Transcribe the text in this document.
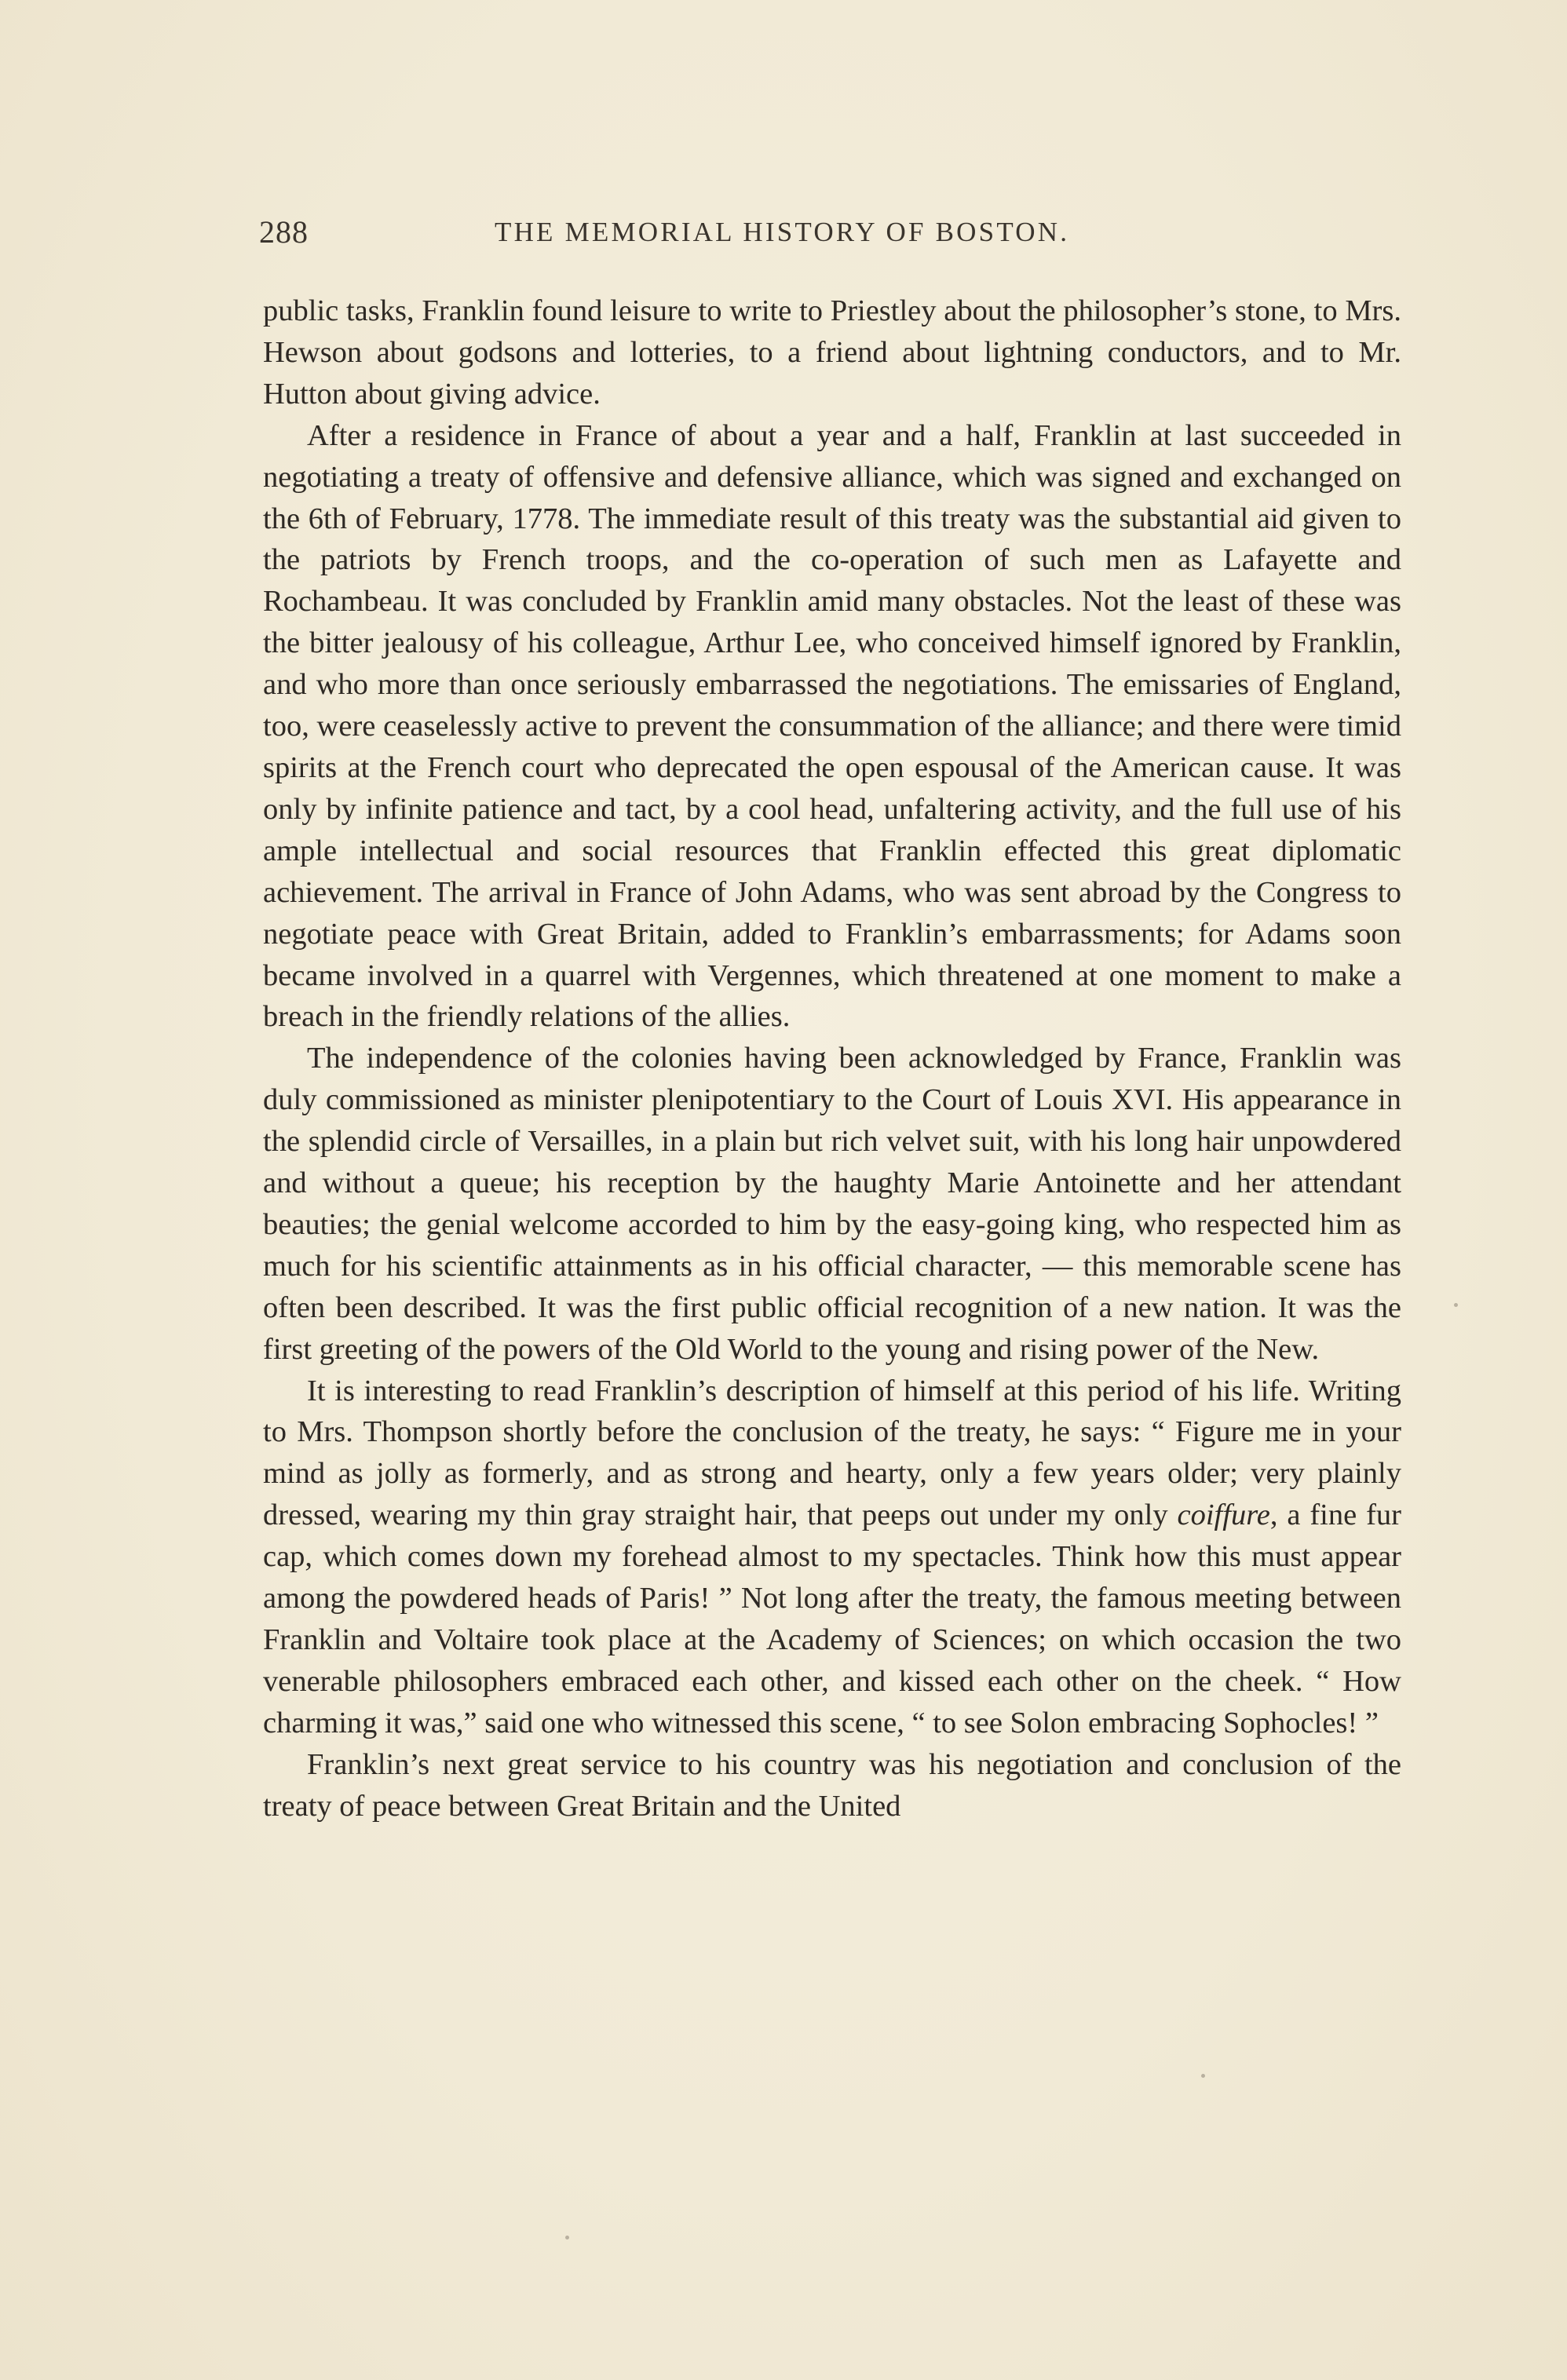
288	THE MEMORIAL HISTORY OF BOSTON.

public tasks, Franklin found leisure to write to Priestley about the philosopher’s stone, to Mrs. Hewson about godsons and lotteries, to a friend about lightning conductors, and to Mr. Hutton about giving advice.

After a residence in France of about a year and a half, Franklin at last succeeded in negotiating a treaty of offensive and defensive alliance, which was signed and exchanged on the 6th of February, 1778. The immediate result of this treaty was the substantial aid given to the patriots by French troops, and the co-operation of such men as Lafayette and Rochambeau. It was concluded by Franklin amid many obstacles. Not the least of these was the bitter jealousy of his colleague, Arthur Lee, who conceived himself ignored by Franklin, and who more than once seriously embarrassed the negotiations. The emissaries of England, too, were ceaselessly active to prevent the consummation of the alliance; and there were timid spirits at the French court who deprecated the open espousal of the American cause. It was only by infinite patience and tact, by a cool head, unfaltering activity, and the full use of his ample intellectual and social resources that Franklin effected this great diplomatic achievement. The arrival in France of John Adams, who was sent abroad by the Congress to negotiate peace with Great Britain, added to Franklin’s embarrassments; for Adams soon became involved in a quarrel with Vergennes, which threatened at one moment to make a breach in the friendly relations of the allies.

The independence of the colonies having been acknowledged by France, Franklin was duly commissioned as minister plenipotentiary to the Court of Louis XVI. His appearance in the splendid circle of Versailles, in a plain but rich velvet suit, with his long hair unpowdered and without a queue; his reception by the haughty Marie Antoinette and her attendant beauties; the genial welcome accorded to him by the easy-going king, who respected him as much for his scientific attainments as in his official character, — this memorable scene has often been described. It was the first public official recognition of a new nation. It was the first greeting of the powers of the Old World to the young and rising power of the New.

It is interesting to read Franklin’s description of himself at this period of his life. Writing to Mrs. Thompson shortly before the conclusion of the treaty, he says: “ Figure me in your mind as jolly as formerly, and as strong and hearty, only a few years older; very plainly dressed, wearing my thin gray straight hair, that peeps out under my only coiffure, a fine fur cap, which comes down my forehead almost to my spectacles. Think how this must appear among the powdered heads of Paris! ” Not long after the treaty, the famous meeting between Franklin and Voltaire took place at the Academy of Sciences; on which occasion the two venerable philosophers embraced each other, and kissed each other on the cheek. “ How charming it was,” said one who witnessed this scene, “ to see Solon embracing Sophocles! ”

Franklin’s next great service to his country was his negotiation and conclusion of the treaty of peace between Great Britain and the United
